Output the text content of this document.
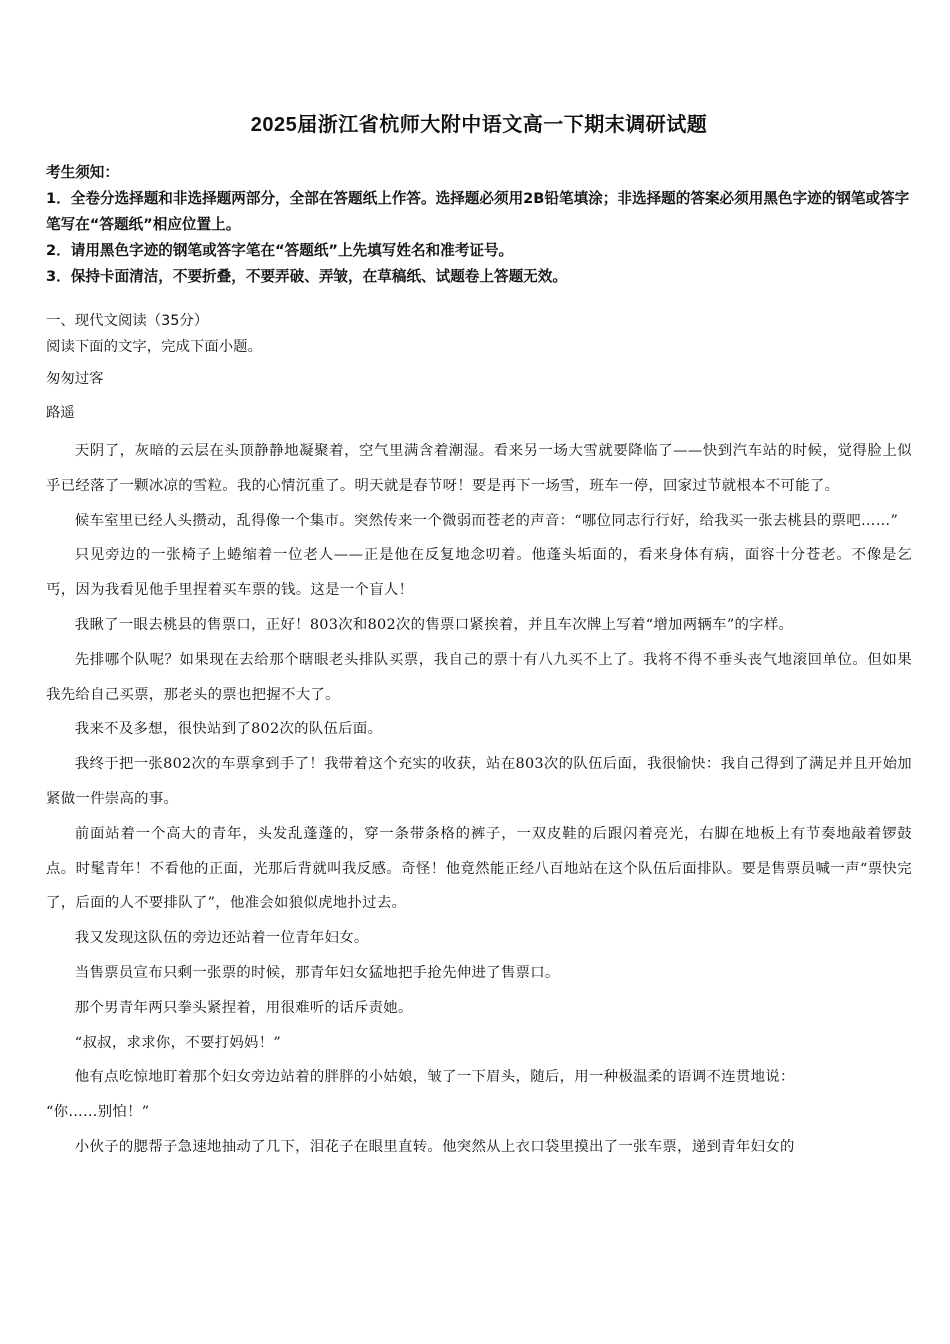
2025届浙江省杭师大附中语文高一下期末调研试题

考生须知：

1．全卷分选择题和非选择题两部分，全部在答题纸上作答。选择题必须用2B铅笔填涂；非选择题的答案必须用黑色字迹的钢笔或答字笔写在“答题纸”相应位置上。

2．请用黑色字迹的钢笔或答字笔在“答题纸”上先填写姓名和准考证号。

3．保持卡面清洁，不要折叠，不要弄破、弄皱，在草稿纸、试题卷上答题无效。

一、现代文阅读（35分）

阅读下面的文字，完成下面小题。

匆匆过客

路遥

天阴了，灰暗的云层在头顶静静地凝聚着，空气里满含着潮湿。看来另一场大雪就要降临了——快到汽车站的时候，觉得脸上似乎已经落了一颗冰凉的雪粒。我的心情沉重了。明天就是春节呀！要是再下一场雪，班车一停，回家过节就根本不可能了。

候车室里已经人头攒动，乱得像一个集市。突然传来一个微弱而苍老的声音：“哪位同志行行好，给我买一张去桃县的票吧……”

只见旁边的一张椅子上蜷缩着一位老人——正是他在反复地念叨着。他蓬头垢面的，看来身体有病，面容十分苍老。不像是乞丐，因为我看见他手里捏着买车票的钱。这是一个盲人！

我瞅了一眼去桃县的售票口，正好！803次和802次的售票口紧挨着，并且车次牌上写着“增加两辆车”的字样。

先排哪个队呢？如果现在去给那个瞎眼老头排队买票，我自己的票十有八九买不上了。我将不得不垂头丧气地滚回单位。但如果我先给自己买票，那老头的票也把握不大了。

我来不及多想，很快站到了802次的队伍后面。

我终于把一张802次的车票拿到手了！我带着这个充实的收获，站在803次的队伍后面，我很愉快：我自己得到了满足并且开始加紧做一件崇高的事。

前面站着一个高大的青年，头发乱蓬蓬的，穿一条带条格的裤子，一双皮鞋的后跟闪着亮光，右脚在地板上有节奏地敲着锣鼓点。时髦青年！不看他的正面，光那后背就叫我反感。奇怪！他竟然能正经八百地站在这个队伍后面排队。要是售票员喊一声“票快完了，后面的人不要排队了”，他准会如狼似虎地扑过去。

我又发现这队伍的旁边还站着一位青年妇女。

当售票员宣布只剩一张票的时候，那青年妇女猛地把手抢先伸进了售票口。

那个男青年两只拳头紧捏着，用很难听的话斥责她。

“叔叔，求求你，不要打妈妈！”

他有点吃惊地盯着那个妇女旁边站着的胖胖的小姑娘，皱了一下眉头，随后，用一种极温柔的语调不连贯地说：

“你……别怕！”

小伙子的腮帮子急速地抽动了几下，泪花子在眼里直转。他突然从上衣口袋里摸出了一张车票，递到青年妇女的
